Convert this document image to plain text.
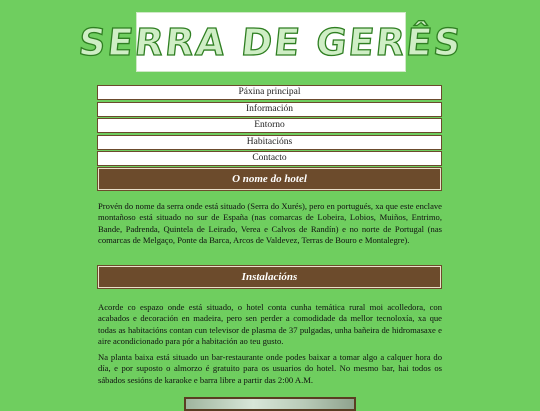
SERRA DE GERÊS
Páxina principal
Información
Entorno
Habitacións
Contacto
O nome do hotel

Provén do nome da serra onde está situado (Serra do Xurés), pero en portugués, xa que este enclave montañoso está situado no sur de España (nas comarcas de Lobeira, Lobios, Muiños, Entrimo, Bande, Padrenda, Quintela de Leirado, Verea e Calvos de Randín) e no norte de Portugal (nas comarcas de Melgaço, Ponte da Barca, Arcos de Valdevez, Terras de Bouro e Montalegre).

Instalacións

Acorde co espazo onde está situado, o hotel conta cunha temática rural moi acolledora, con acabados e decoración en madeira, pero sen perder a comodidade da mellor tecnoloxía, xa que todas as habitacións contan cun televisor de plasma de 37 pulgadas, unha bañeira de hidromasaxe e aire acondicionado para pór a habitación ao teu gusto.

Na planta baixa está situado un bar-restaurante onde podes baixar a tomar algo a calquer hora do día, e por suposto o almorzo é gratuito para os usuarios do hotel. No mesmo bar, hai todos os sábados sesións de karaoke e barra libre a partir das 2:00 A.M.
